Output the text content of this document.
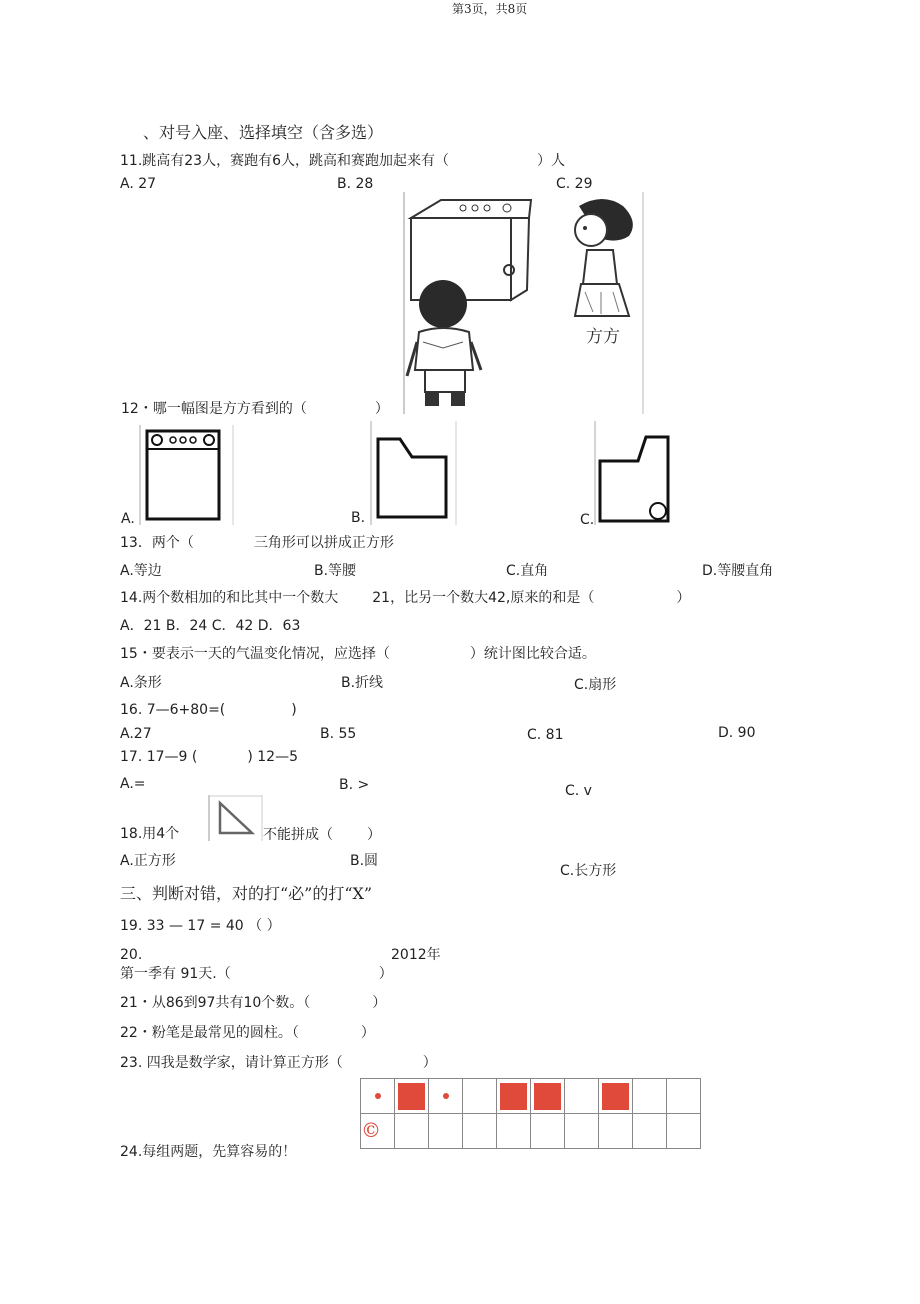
第3页，共8页
、对号入座、选择填空（含多选）
11.跳高有23人，赛跑有6人，跳高和赛跑加起来有（	）人
A. 27	B. 28	C. 29
方方
12・哪一幅图是方方看到的（	）
A.	B.	C.
13．两个（	三角形可以拼成正方形
A.等边	B.等腰	C.直角	D.等腰直角
14.两个数相加的和比其中一个数大 21，比另一个数大42,原来的和是（	）
A．21 B．24 C．42 D．63
15・要表示一天的气温变化情况，应选择（	）统计图比较合适。
A.条形	B.折线	C.扇形
16. 7—6+80=(	)
A.27	B. 55	C. 81	D. 90
17. 17—9 (	) 12—5
A.=	B. >	C. v
18.用4个	不能拼成（ ）
A.正方形	B.圆
C.长方形
三、判断对错，对的打“必”的打“X”
19. 33 — 17 = 40 （ ）
20.	2012年
第一季有 91天.（	）
21・从86到97共有10个数。（	）
22・粉笔是最常见的圆柱。（	）
23. 四我是数学家，请计算正方形（	）

©									

24.每组两题，先算容易的！
